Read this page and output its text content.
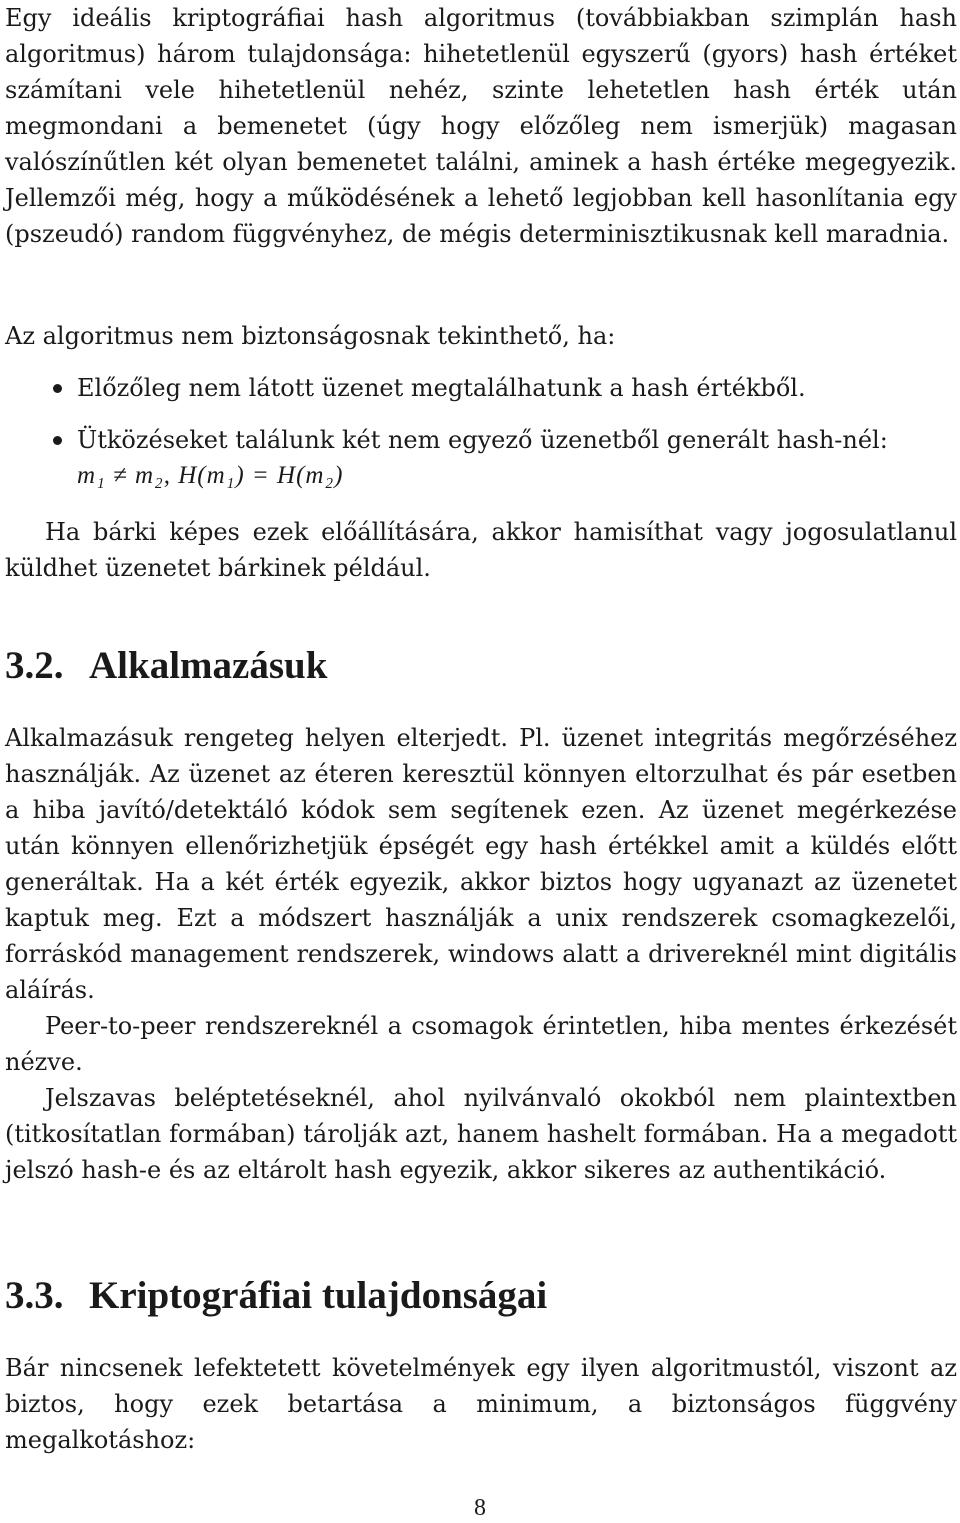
Egy ideális kriptográfiai hash algoritmus (továbbiakban szimplán hash algoritmus) három tulajdonsága: hihetetlenül egyszerű (gyors) hash értéket számítani vele hihetetlenül nehéz, szinte lehetetlen hash érték után megmondani a bemenetet (úgy hogy előzőleg nem ismerjük) magasan valószínűtlen két olyan bemenetet találni, aminek a hash értéke megegyezik. Jellemzői még, hogy a működésének a lehető legjobban kell hasonlítania egy (pszeudó) random függvényhez, de mégis determinisztikusnak kell maradnia.

Az algoritmus nem biztonságosnak tekinthető, ha:

Előzőleg nem látott üzenet megtalálhatunk a hash értékből.

Ütközéseket találunk két nem egyező üzenetből generált hash-nél:

m₁ ≠ m₂, H(m₁) = H(m₂)

Ha bárki képes ezek előállítására, akkor hamisíthat vagy jogosulatlanul küldhet üzenetet bárkinek például.

3.2. Alkalmazásuk

Alkalmazásuk rengeteg helyen elterjedt. Pl. üzenet integritás megőrzéséhez használják. Az üzenet az éteren keresztül könnyen eltorzulhat és pár esetben a hiba javító/detektáló kódok sem segítenek ezen. Az üzenet megérkezése után könnyen ellenőrizhetjük épségét egy hash értékkel amit a küldés előtt generáltak. Ha a két érték egyezik, akkor biztos hogy ugyanazt az üzenetet kaptuk meg. Ezt a módszert használják a unix rendszerek csomagkezelői, forráskód management rendszerek, windows alatt a drivereknél mint digitális aláírás.

Peer-to-peer rendszereknél a csomagok érintetlen, hiba mentes érkezését nézve.

Jelszavas beléptetéseknél, ahol nyilvánvaló okokból nem plaintextben (titkosítatlan formában) tárolják azt, hanem hashelt formában. Ha a megadott jelszó hash-e és az eltárolt hash egyezik, akkor sikeres az authentikáció.

3.3. Kriptográfiai tulajdonságai

Bár nincsenek lefektetett követelmények egy ilyen algoritmustól, viszont az biztos, hogy ezek betartása a minimum, a biztonságos függvény megalkotáshoz:

8
